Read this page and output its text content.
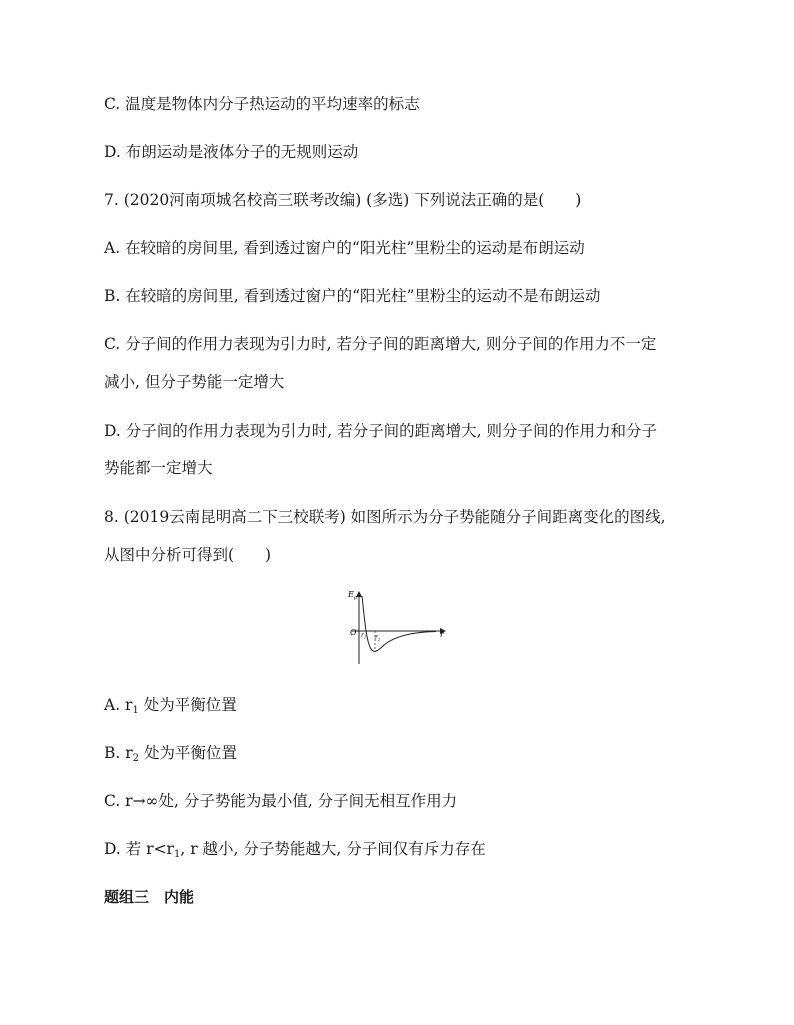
C. 温度是物体内分子热运动的平均速率的标志
D. 布朗运动是液体分子的无规则运动
7. (2020河南项城名校高三联考改编) (多选) 下列说法正确的是(　　)
A. 在较暗的房间里, 看到透过窗户的“阳光柱”里粉尘的运动是布朗运动
B. 在较暗的房间里, 看到透过窗户的“阳光柱”里粉尘的运动不是布朗运动
C. 分子间的作用力表现为引力时, 若分子间的距离增大, 则分子间的作用力不一定
减小, 但分子势能一定增大
D. 分子间的作用力表现为引力时, 若分子间的距离增大, 则分子间的作用力和分子
势能都一定增大
8. (2019云南昆明高二下三校联考) 如图所示为分子势能随分子间距离变化的图线,
从图中分析可得到(　　)
$E_p$
O	r
$r_1$ $r_2$
A. r1 处为平衡位置
B. r2 处为平衡位置
C. r→∞处, 分子势能为最小值, 分子间无相互作用力
D. 若 r<r1, r 越小, 分子势能越大, 分子间仅有斥力存在
题组三　内能
